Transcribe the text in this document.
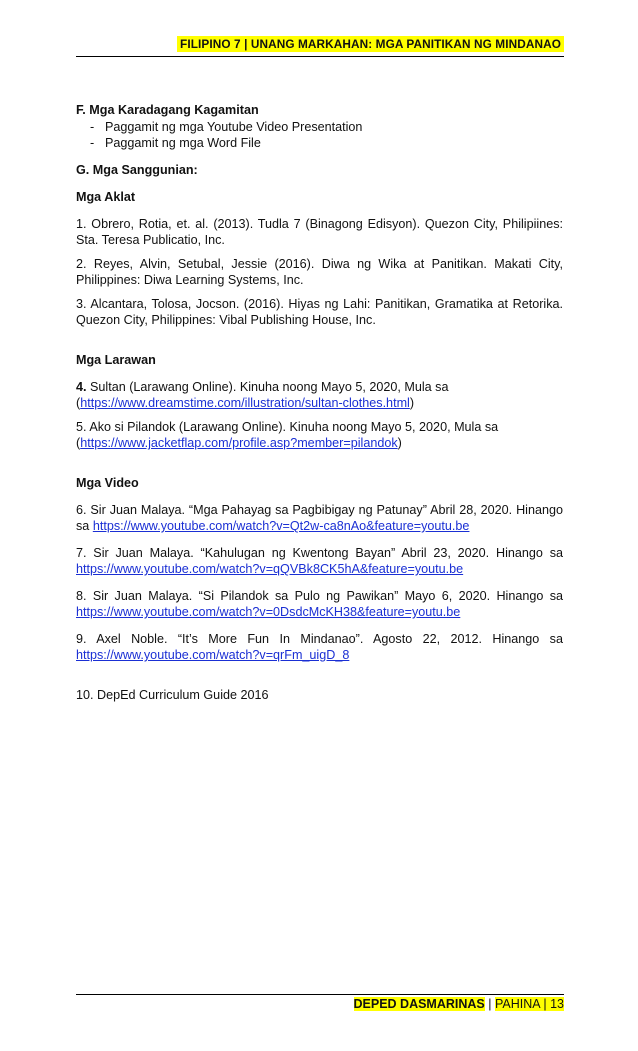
FILIPINO 7 | UNANG MARKAHAN: MGA PANITIKAN NG MINDANAO

F. Mga Karadagang Kagamitan

- Paggamit ng mga Youtube Video Presentation
- Paggamit ng mga Word File

G. Mga Sanggunian:

Mga Aklat

1. Obrero, Rotia, et. al. (2013). Tudla 7 (Binagong Edisyon). Quezon City, Philipiines: Sta. Teresa Publicatio, Inc.

2. Reyes, Alvin, Setubal, Jessie (2016). Diwa ng Wika at Panitikan. Makati City, Philippines: Diwa Learning Systems, Inc.

3. Alcantara, Tolosa, Jocson. (2016). Hiyas ng Lahi: Panitikan, Gramatika at Retorika. Quezon City, Philippines: Vibal Publishing House, Inc.

Mga Larawan

4. Sultan (Larawang Online). Kinuha noong Mayo 5, 2020, Mula sa
(https://www.dreamstime.com/illustration/sultan-clothes.html)

5. Ako si Pilandok (Larawang Online). Kinuha noong Mayo 5, 2020, Mula sa
(https://www.jacketflap.com/profile.asp?member=pilandok)

Mga Video

6. Sir Juan Malaya. “Mga Pahayag sa Pagbibigay ng Patunay” Abril 28, 2020. Hinango sa https://www.youtube.com/watch?v=Qt2w-ca8nAo&feature=youtu.be

7. Sir Juan Malaya. “Kahulugan ng Kwentong Bayan” Abril 23, 2020. Hinango sa https://www.youtube.com/watch?v=qQVBk8CK5hA&feature=youtu.be

8. Sir Juan Malaya. “Si Pilandok sa Pulo ng Pawikan” Mayo 6, 2020. Hinango sa https://www.youtube.com/watch?v=0DsdcMcKH38&feature=youtu.be

9. Axel Noble. “It’s More Fun In Mindanao”. Agosto 22, 2012. Hinango sa https://www.youtube.com/watch?v=qrFm_uigD_8

10. DepEd Curriculum Guide 2016

DEPED DASMARINAS | PAHINA | 13
